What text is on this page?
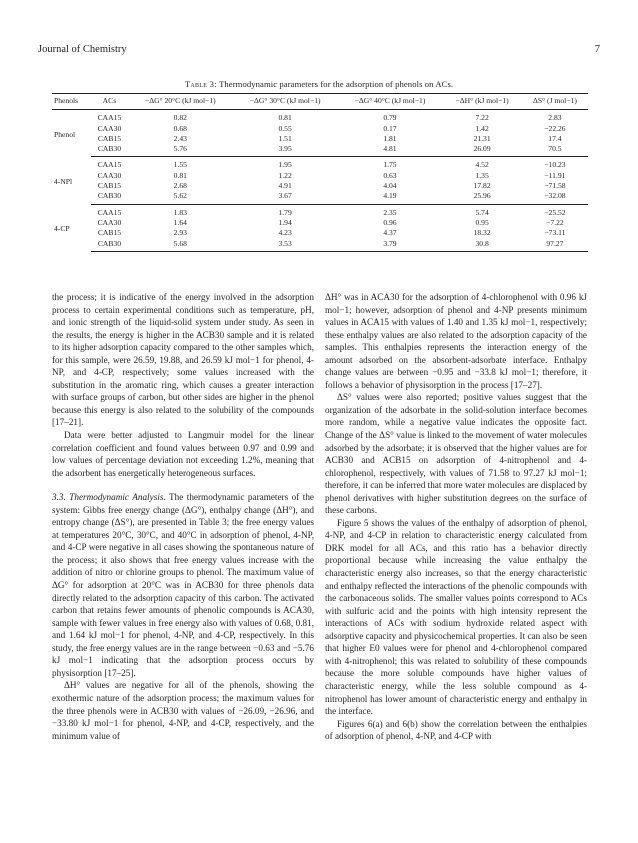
Journal of Chemistry	7
Table 3: Thermodynamic parameters for the adsorption of phenols on ACs.
Phenols	ACs	−ΔG° 20°C (kJ mol−1)	−ΔG° 30°C (kJ mol−1)	−ΔG° 40°C (kJ mol−1)	−ΔH° (kJ mol−1)	ΔS° (J mol−1)
Phenol	CAA15	0.82	0.81	0.79	7.22	2.83
	CAA30	0.68	0.55	0.17	1.42	−22.26
	CAB15	2.43	1.51	1.81	21.31	17.4
	CAB30	5.76	3.95	4.81	26.09	70.5
4-NPl	CAA15	1.55	1.95	1.75	4.52	−10.23
	CAA30	0.81	1.22	0.63	1.35	−11.91
	CAB15	2.68	4.91	4.04	17.82	−71.58
	CAB30	5.62	3.67	4.19	25.96	−32.08
4-CP	CAA15	1.83	1.79	2.35	5.74	−25.52
	CAA30	1.64	1.94	0.96	0.95	−7.22
	CAB15	2.93	4.23	4.37	18.32	−73.11
	CAB30	5.68	3.53	3.79	30.8	97.27

the process; it is indicative of the energy involved in the adsorption process to certain experimental conditions such as temperature, pH, and ionic strength of the liquid-solid system under study. As seen in the results, the energy is higher in the ACB30 sample and it is related to its higher adsorption capacity compared to the other samples which, for this sample, were 26.59, 19.88, and 26.59 kJ mol−1 for phenol, 4-NP, and 4-CP, respectively; some values increased with the substitution in the aromatic ring, which causes a greater interaction with surface groups of carbon, but other sides are higher in the phenol because this energy is also related to the solubility of the compounds [17–21].

Data were better adjusted to Langmuir model for the linear correlation coefficient and found values between 0.97 and 0.99 and low values of percentage deviation not exceeding 1.2%, meaning that the adsorbent has energetically heterogeneous surfaces.

3.3. Thermodynamic Analysis. The thermodynamic parameters of the system: Gibbs free energy change (ΔG°), enthalpy change (ΔH°), and entropy change (ΔS°), are presented in Table 3; the free energy values at temperatures 20°C, 30°C, and 40°C in adsorption of phenol, 4-NP, and 4-CP were negative in all cases showing the spontaneous nature of the process; it also shows that free energy values increase with the addition of nitro or chlorine groups to phenol. The maximum value of ΔG° for adsorption at 20°C was in ACB30 for three phenols data directly related to the adsorption capacity of this carbon. The activated carbon that retains fewer amounts of phenolic compounds is ACA30, sample with fewer values in free energy also with values of 0.68, 0.81, and 1.64 kJ mol−1 for phenol, 4-NP, and 4-CP, respectively. In this study, the free energy values are in the range between −0.63 and −5.76 kJ mol−1 indicating that the adsorption process occurs by physisorption [17–25].

ΔH° values are negative for all of the phenols, showing the exothermic nature of the adsorption process; the maximum values for the three phenols were in ACB30 with values of −26.09, −26.96, and −33.80 kJ mol−1 for phenol, 4-NP, and 4-CP, respectively, and the minimum value of

ΔH° was in ACA30 for the adsorption of 4-chlorophenol with 0.96 kJ mol−1; however, adsorption of phenol and 4-NP presents minimum values in ACA15 with values of 1.40 and 1.35 kJ mol−1, respectively; these enthalpy values are also related to the adsorption capacity of the samples. This enthalpies represents the interaction energy of the amount adsorbed on the absorbent-adsorbate interface. Enthalpy change values are between −0.95 and −33.8 kJ mol−1; therefore, it follows a behavior of physisorption in the process [17–27].

ΔS° values were also reported; positive values suggest that the organization of the adsorbate in the solid-solution interface becomes more random, while a negative value indicates the opposite fact. Change of the ΔS° value is linked to the movement of water molecules adsorbed by the adsorbate; it is observed that the higher values are for ACB30 and ACB15 on adsorption of 4-nitrophenol and 4-chlorophenol, respectively, with values of 71.58 to 97.27 kJ mol−1; therefore, it can be inferred that more water molecules are displaced by phenol derivatives with higher substitution degrees on the surface of these carbons.

Figure 5 shows the values of the enthalpy of adsorption of phenol, 4-NP, and 4-CP in relation to characteristic energy calculated from DRK model for all ACs, and this ratio has a behavior directly proportional because while increasing the value enthalpy the characteristic energy also increases, so that the energy characteristic and enthalpy reflected the interactions of the phenolic compounds with the carbonaceous solids. The smaller values points correspond to ACs with sulfuric acid and the points with high intensity represent the interactions of ACs with sodium hydroxide related aspect with adsorptive capacity and physicochemical properties. It can also be seen that higher E0 values were for phenol and 4-chlorophenol compared with 4-nitrophenol; this was related to solubility of these compounds because the more soluble compounds have higher values of characteristic energy, while the less soluble compound as 4-nitrophenol has lower amount of characteristic energy and enthalpy in the interface.

Figures 6(a) and 6(b) show the correlation between the enthalpies of adsorption of phenol, 4-NP, and 4-CP with
